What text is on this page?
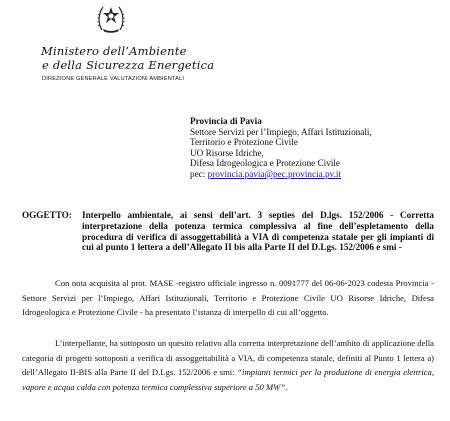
Ministero dell’Ambiente
e della Sicurezza Energetica
DIREZIONE GENERALE VALUTAZIONI AMBIENTALI
Provincia di Pavia
Settore Servizi per l’Impiego, Affari Istituzionali,
Territorio e Protezione Civile
UO Risorse Idriche,
Difesa Idrogeologica e Protezione Civile
pec: provincia.pavia@pec.provincia.pv.it
OGGETTO: Interpello ambientale, ai sensi dell’art. 3 septies del D.lgs. 152/2006 - Corretta interpretazione della potenza termica complessiva al fine dell’espletamento della procedura di verifica di assoggettabilità a VIA di competenza statale per gli impianti di cui al punto 1 lettera a dell’Allegato II bis alla Parte II del D.Lgs. 152/2006 e smi -
Con nota acquisita al prot. MASE -registro ufficiale ingresso n. 0091777 del 06-06-2023 codesta Provincia - Settore Servizi per l’Impiego, Affari Istituzionali, Territorio e Protezione Civile UO Risorse Idriche, Difesa Idrogeologica e Protezione Civile - ha presentato l’istanza di interpello di cui all’oggetto.
L’interpellante, ha sottoposto un quesito relativo alla corretta interpretazione dell’ambito di applicazione della categoria di progetti sottoposti a verifica di assoggettabilità a VIA, di competenza statale, definiti al Punto 1 lettera a) dell’Allegato II-BIS alla Parte II del D.Lgs. 152/2006 e smi: “impianti termici per la produzione di energia elettrica, vapore e acqua calda con potenza termica complessiva superiore a 50 MW”.
